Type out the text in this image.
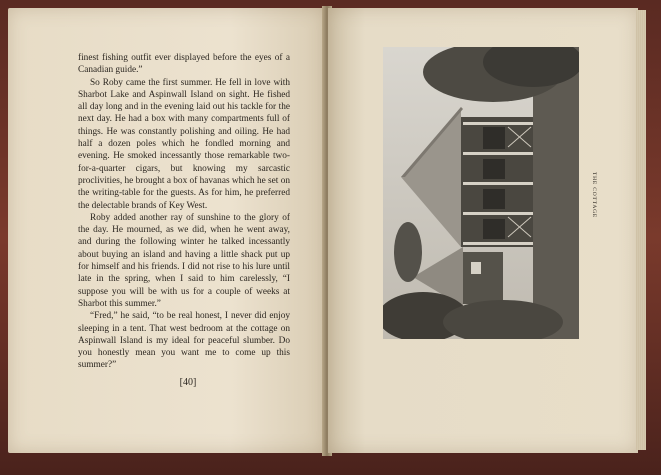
finest fishing outfit ever displayed before the eyes of a Canadian guide.”

So Roby came the first summer. He fell in love with Sharbot Lake and Aspinwall Island on sight. He fished all day long and in the evening laid out his tackle for the next day. He had a box with many compartments full of things. He was constantly polishing and oiling. He had half a dozen poles which he fondled morning and evening. He smoked incessantly those remarkable two-for-a-quarter cigars, but knowing my sarcastic proclivities, he brought a box of havanas which he set on the writing-table for the guests. As for him, he preferred the delectable brands of Key West.

Roby added another ray of sunshine to the glory of the day. He mourned, as we did, when he went away, and during the following winter he talked incessantly about buying an island and having a little shack put up for himself and his friends. I did not rise to his lure until late in the spring, when I said to him carelessly, “I suppose you will be with us for a couple of weeks at Sharbot this summer.”

“Fred,” he said, “to be real honest, I never did enjoy sleeping in a tent. That west bedroom at the cottage on Aspinwall Island is my ideal for peaceful slumber. Do you honestly mean you want me to come up this summer?”

[40]
THE COTTAGE
